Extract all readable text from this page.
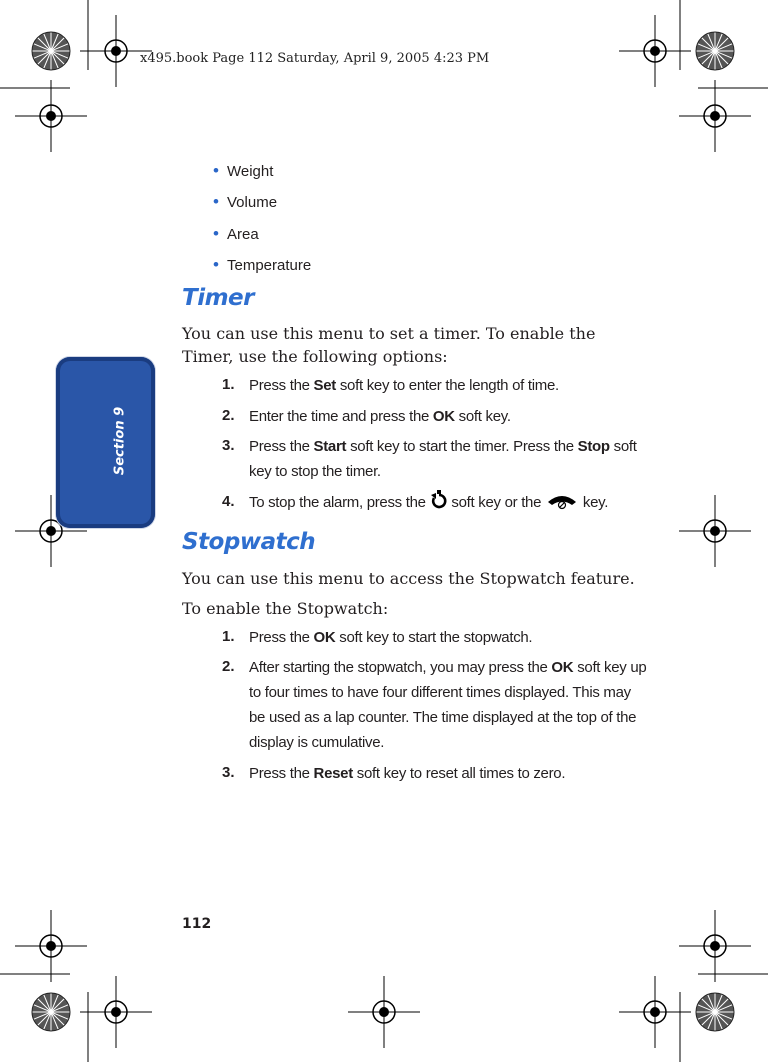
x495.book Page 112 Saturday, April 9, 2005 4:23 PM
Section 9
• Weight
• Volume
• Area
• Temperature
Timer
You can use this menu to set a timer. To enable the Timer, use the following options:
1. Press the Set soft key to enter the length of time.
2. Enter the time and press the OK soft key.
3. Press the Start soft key to start the timer. Press the Stop soft key to stop the timer.
4. To stop the alarm, press the  soft key or the  key.
Stopwatch
You can use this menu to access the Stopwatch feature.
To enable the Stopwatch:
1. Press the OK soft key to start the stopwatch.
2. After starting the stopwatch, you may press the OK soft key up to four times to have four different times displayed. This may be used as a lap counter. The time displayed at the top of the display is cumulative.
3. Press the Reset soft key to reset all times to zero.
112
